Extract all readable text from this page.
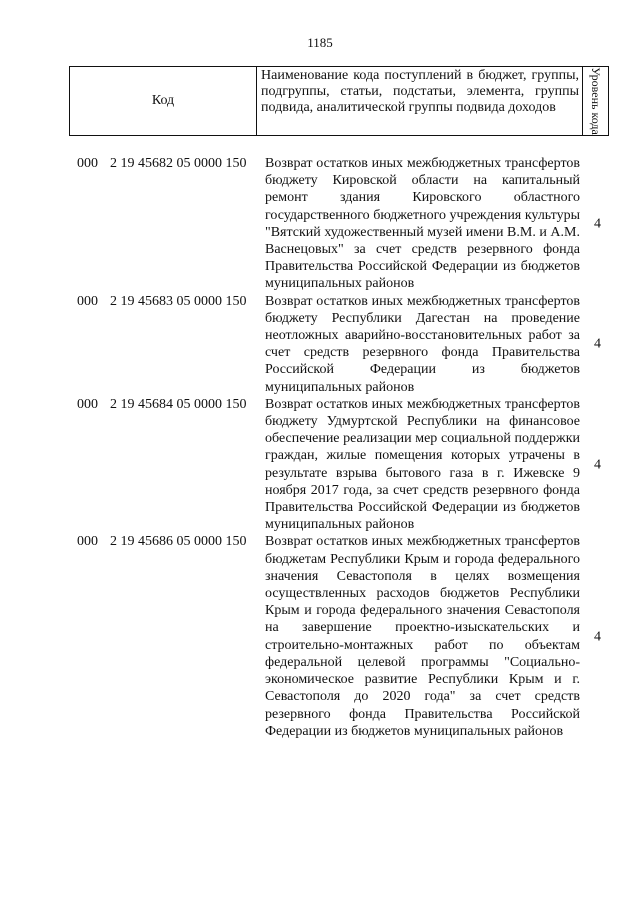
1185
Код
Наименование кода поступлений в бюджет, группы, подгруппы, статьи, подстатьи, элемента, группы подвида, аналитической группы подвида доходов	Уровень кода
000 2 19 45682 05 0000 150 Возврат остатков иных межбюджетных трансфертов бюджету Кировской области на капитальный ремонт здания Кировского областного государственного бюджетного учреждения культуры "Вятский художественный музей имени В.М. и А.М. Васнецовых" за счет средств резервного фонда Правительства Российской Федерации из бюджетов муниципальных районов
4
000 2 19 45683 05 0000 150 Возврат остатков иных межбюджетных трансфертов бюджету Республики Дагестан на проведение неотложных аварийно-восстановительных работ за счет средств резервного фонда Правительства Российской Федерации из бюджетов муниципальных районов
4
000 2 19 45684 05 0000 150 Возврат остатков иных межбюджетных трансфертов бюджету Удмуртской Республики на финансовое обеспечение реализации мер социальной поддержки граждан, жилые помещения которых утрачены в результате взрыва бытового газа в г. Ижевске 9 ноября 2017 года, за счет средств резервного фонда Правительства Российской Федерации из бюджетов муниципальных районов
4
000 2 19 45686 05 0000 150 Возврат остатков иных межбюджетных трансфертов бюджетам Республики Крым и города федерального значения Севастополя в целях возмещения осуществленных расходов бюджетов Республики Крым и города федерального значения Севастополя на завершение проектно-изыскательских и строительно-монтажных работ по объектам федеральной целевой программы "Социально-экономическое развитие Республики Крым и г. Севастополя до 2020 года" за счет средств резервного фонда Правительства Российской Федерации из бюджетов муниципальных районов
4
